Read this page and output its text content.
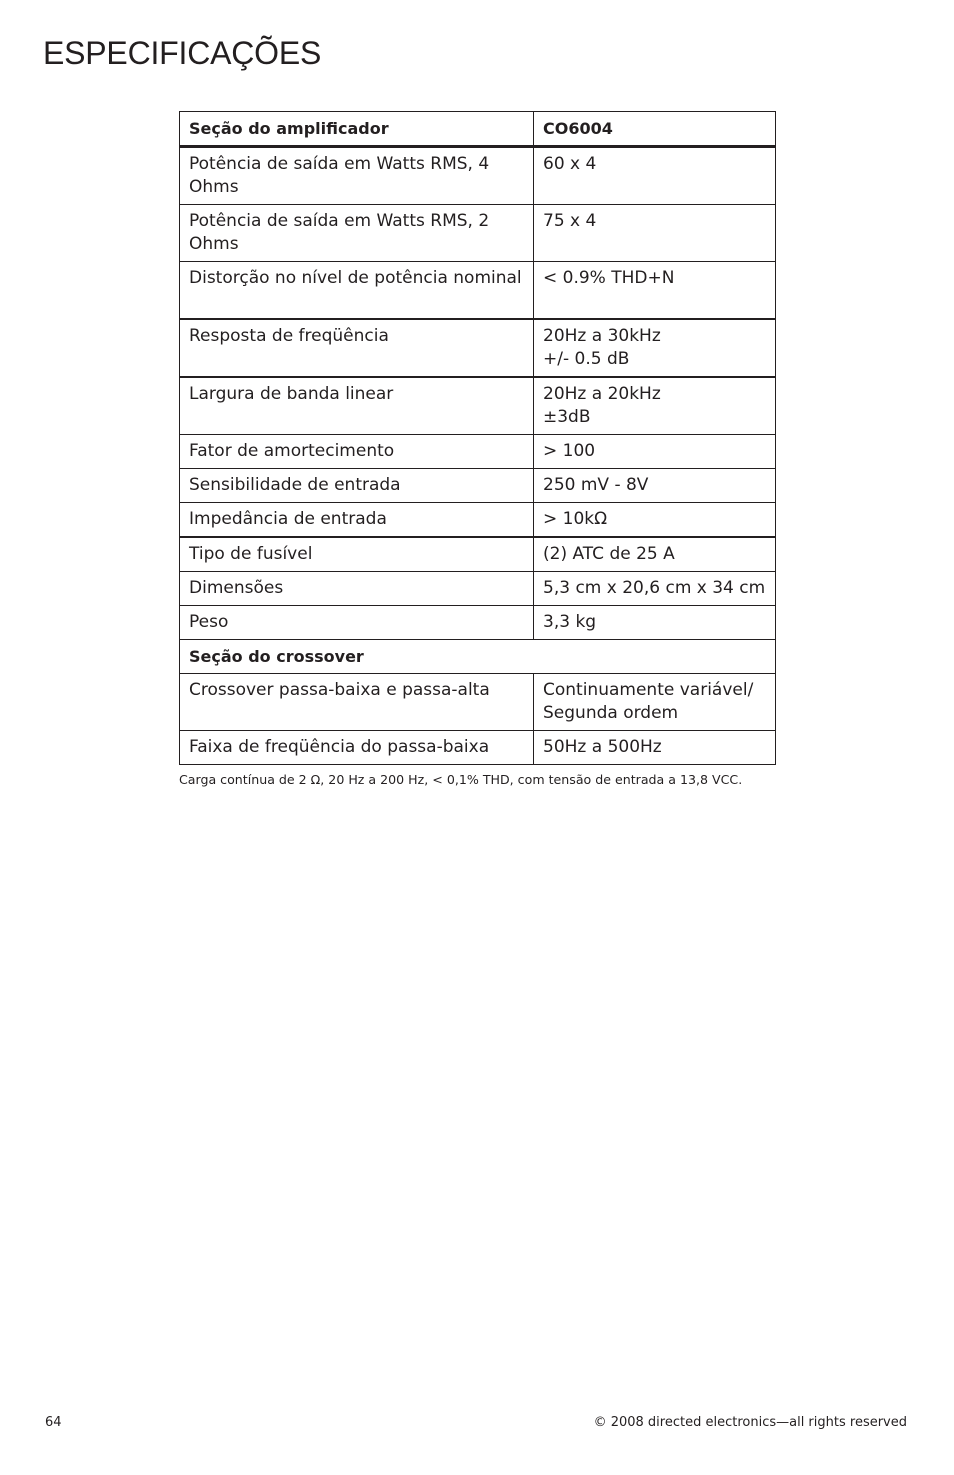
ESPECIFICAÇÕES
Seção do amplificador	CO6004
Potência de saída em Watts RMS, 4 Ohms	60 x 4

Potência de saída em Watts RMS, 2 Ohms	75 x 4

Distorção no nível de potência nominal	< 0.9% THD+N

Resposta de freqüência	20Hz a 30kHz
+/- 0.5 dB

Largura de banda linear	20Hz a 20kHz
±3dB

Fator de amortecimento	> 100

Sensibilidade de entrada	250 mV - 8V

Impedância de entrada	> 10kΩ

Tipo de fusível	(2) ATC de 25 A

Dimensões	5,3 cm x 20,6 cm x 34 cm

Peso	3,3 kg

Seção do crossover	
Crossover passa-baixa e passa-alta	Continuamente variável/
Segunda ordem

Faixa de freqüência do passa-baixa	50Hz a 500Hz

Carga contínua de 2 Ω, 20 Hz a 200 Hz, < 0,1% THD, com tensão de entrada a 13,8 VCC.

64	© 2008 directed electronics—all rights reserved
